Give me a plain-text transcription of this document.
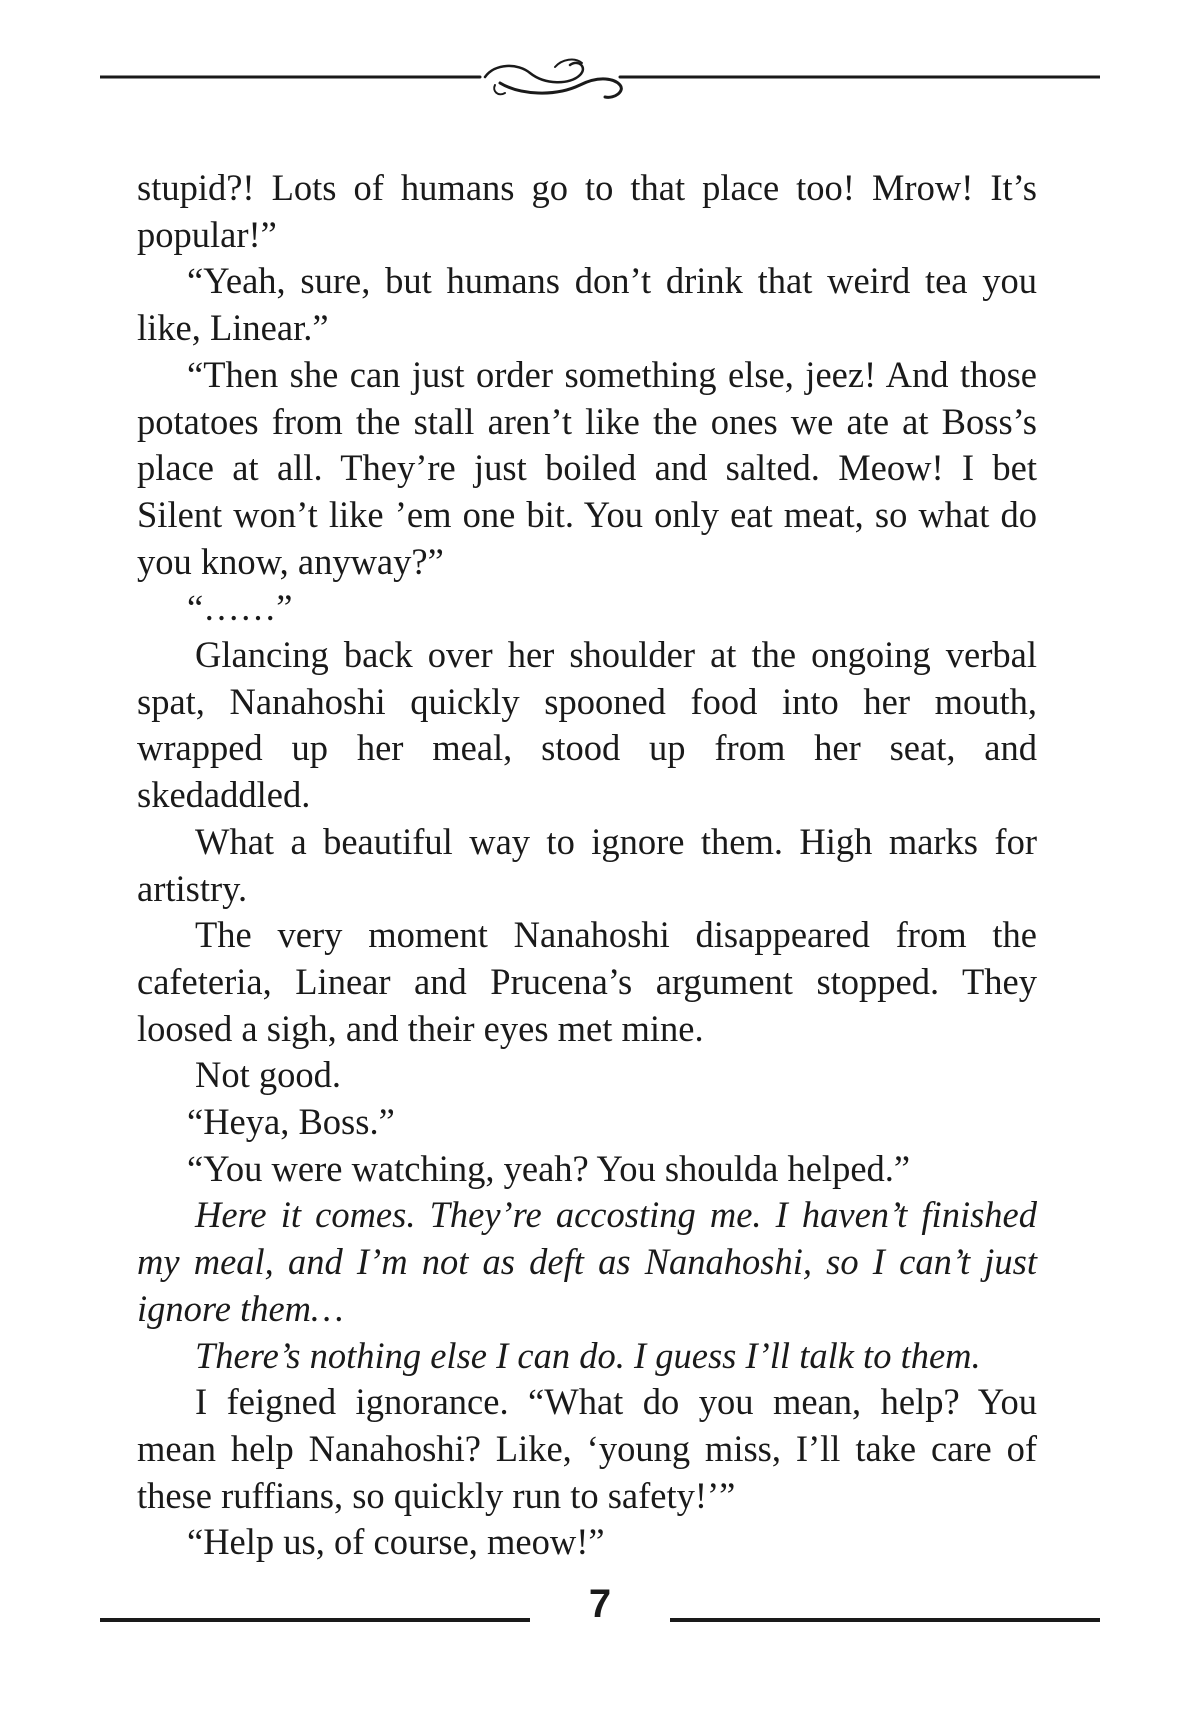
stupid?! Lots of humans go to that place too! Mrow! It’s popular!”

“Yeah, sure, but humans don’t drink that weird tea you like, Linear.”

“Then she can just order something else, jeez! And those potatoes from the stall aren’t like the ones we ate at Boss’s place at all. They’re just boiled and salted. Meow! I bet Silent won’t like ’em one bit. You only eat meat, so what do you know, anyway?”

“……”

Glancing back over her shoulder at the ongoing verbal spat, Nanahoshi quickly spooned food into her mouth, wrapped up her meal, stood up from her seat, and skedaddled.

What a beautiful way to ignore them. High marks for artistry.

The very moment Nanahoshi disappeared from the cafeteria, Linear and Prucena’s argument stopped. They loosed a sigh, and their eyes met mine.

Not good.

“Heya, Boss.”

“You were watching, yeah? You shoulda helped.”

Here it comes. They’re accosting me. I haven’t finished my meal, and I’m not as deft as Nanahoshi, so I can’t just ignore them…

There’s nothing else I can do. I guess I’ll talk to them.

I feigned ignorance. “What do you mean, help? You mean help Nanahoshi? Like, ‘young miss, I’ll take care of these ruffians, so quickly run to safety!’”

“Help us, of course, meow!”

7
